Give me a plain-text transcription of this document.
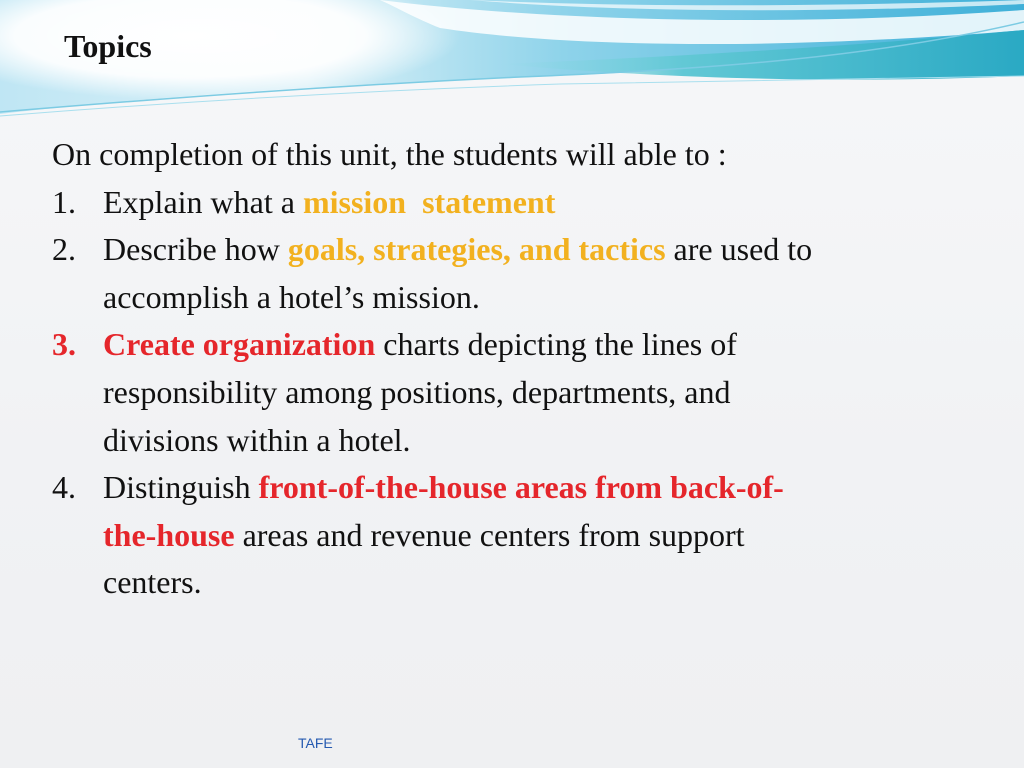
Topics
On completion of this unit, the students will able to :
1. Explain what a mission  statement
2. Describe how goals, strategies, and tactics are used to
accomplish a hotel’s mission.
3. Create organization charts depicting the lines of
responsibility among positions, departments, and
divisions within a hotel.
4. Distinguish front-of-the-house areas from back-of-
the-house areas and revenue centers from support
centers.
TAFE
